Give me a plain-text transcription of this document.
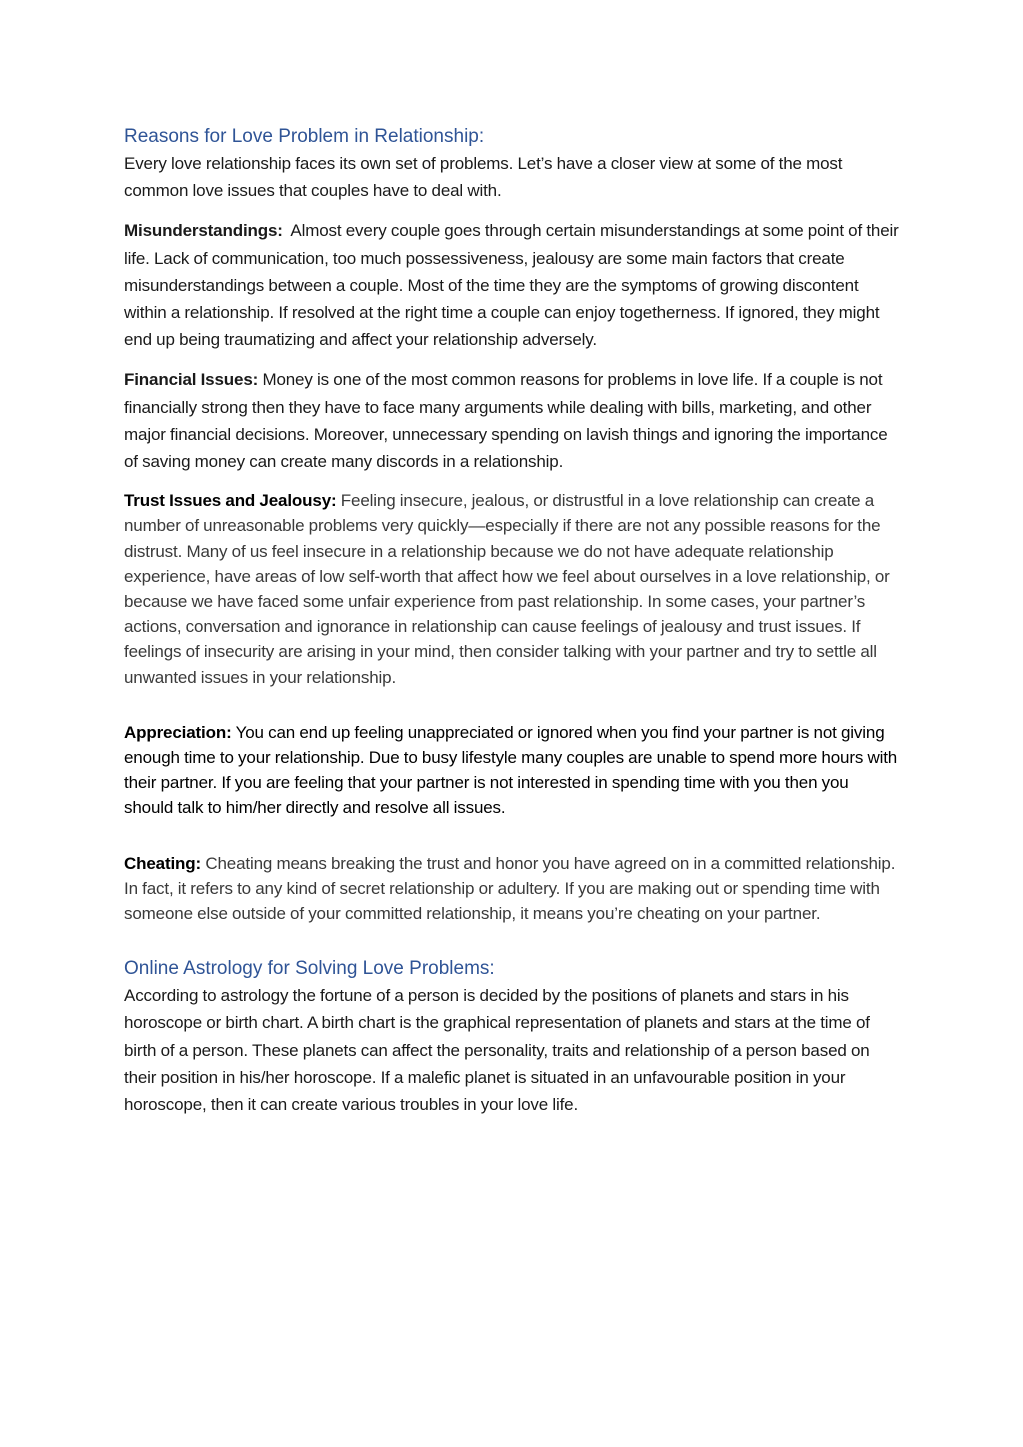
Reasons for Love Problem in Relationship:

Every love relationship faces its own set of problems. Let’s have a closer view at some of the most common love issues that couples have to deal with.

Misunderstandings: Almost every couple goes through certain misunderstandings at some point of their life. Lack of communication, too much possessiveness, jealousy are some main factors that create misunderstandings between a couple. Most of the time they are the symptoms of growing discontent within a relationship. If resolved at the right time a couple can enjoy togetherness. If ignored, they might end up being traumatizing and affect your relationship adversely.

Financial Issues: Money is one of the most common reasons for problems in love life. If a couple is not financially strong then they have to face many arguments while dealing with bills, marketing, and other major financial decisions. Moreover, unnecessary spending on lavish things and ignoring the importance of saving money can create many discords in a relationship.

Trust Issues and Jealousy: Feeling insecure, jealous, or distrustful in a love relationship can create a number of unreasonable problems very quickly—especially if there are not any possible reasons for the distrust. Many of us feel insecure in a relationship because we do not have adequate relationship experience, have areas of low self-worth that affect how we feel about ourselves in a love relationship, or because we have faced some unfair experience from past relationship. In some cases, your partner’s actions, conversation and ignorance in relationship can cause feelings of jealousy and trust issues. If feelings of insecurity are arising in your mind, then consider talking with your partner and try to settle all unwanted issues in your relationship.

Appreciation: You can end up feeling unappreciated or ignored when you find your partner is not giving enough time to your relationship. Due to busy lifestyle many couples are unable to spend more hours with their partner. If you are feeling that your partner is not interested in spending time with you then you should talk to him/her directly and resolve all issues.

Cheating: Cheating means breaking the trust and honor you have agreed on in a committed relationship. In fact, it refers to any kind of secret relationship or adultery. If you are making out or spending time with someone else outside of your committed relationship, it means you’re cheating on your partner.

Online Astrology for Solving Love Problems:

According to astrology the fortune of a person is decided by the positions of planets and stars in his horoscope or birth chart. A birth chart is the graphical representation of planets and stars at the time of birth of a person. These planets can affect the personality, traits and relationship of a person based on their position in his/her horoscope. If a malefic planet is situated in an unfavourable position in your horoscope, then it can create various troubles in your love life.
